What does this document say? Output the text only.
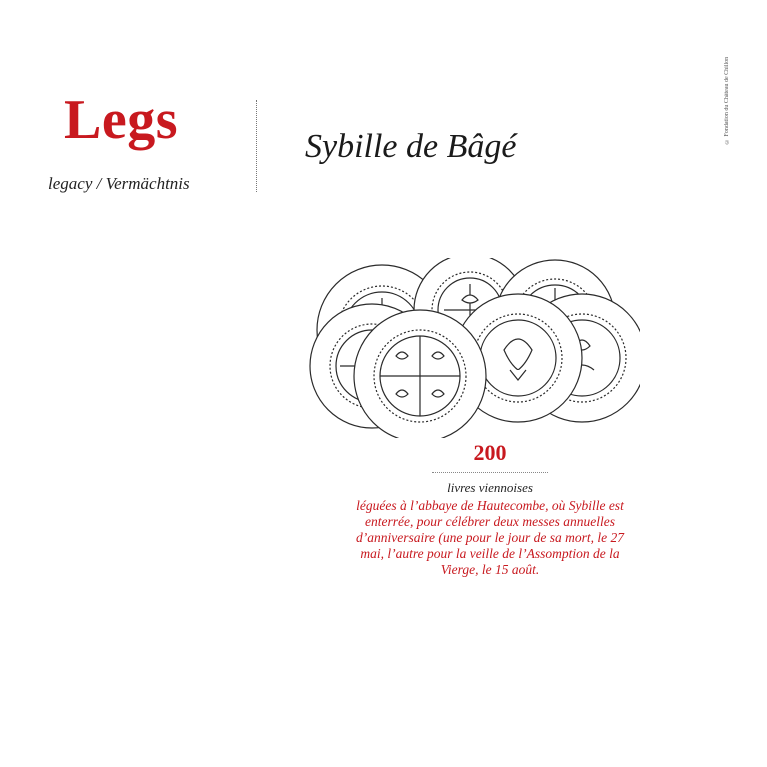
Legs
legacy / Vermächtnis
Sybille de Bâgé
© Fondation du Château de Chillon
200
livres viennoises
léguées à l’abbaye de Hautecombe, où Sybille est enterrée, pour célébrer deux messes annuelles d’anniversaire (une pour le jour de sa mort, le 27 mai, l’autre pour la veille de l’Assomption de la Vierge, le 15 août.
